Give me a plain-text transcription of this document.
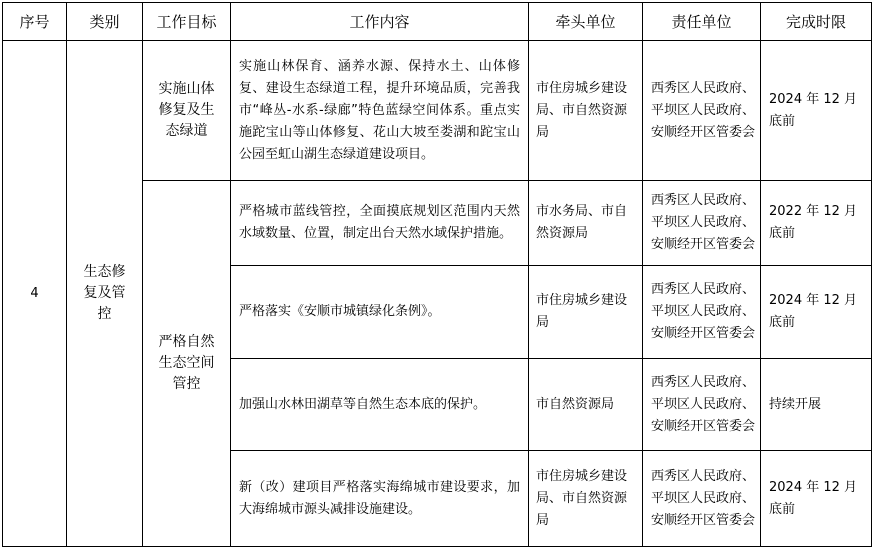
序号	类别	工作目标	工作内容	牵头单位	责任单位	完成时限
4	生态修复及管控	实施山体修复及生态绿道	实施山林保育、涵养水源、保持水土、山体修复、建设生态绿道工程，提升环境品质，完善我市“峰丛-水系-绿廊”特色蓝绿空间体系。重点实施跎宝山等山体修复、花山大坡至娄湖和跎宝山公园至虹山湖生态绿道建设项目。	市住房城乡建设局、市自然资源局	西秀区人民政府、平坝区人民政府、安顺经开区管委会	2024 年 12 月底前
		严格自然生态空间管控	严格城市蓝线管控，全面摸底规划区范围内天然水域数量、位置，制定出台天然水域保护措施。	市水务局、市自然资源局	西秀区人民政府、平坝区人民政府、安顺经开区管委会	2022 年 12 月底前
			严格落实《安顺市城镇绿化条例》。	市住房城乡建设局	西秀区人民政府、平坝区人民政府、安顺经开区管委会	2024 年 12 月底前
			加强山水林田湖草等自然生态本底的保护。	市自然资源局	西秀区人民政府、平坝区人民政府、安顺经开区管委会	持续开展
			新（改）建项目严格落实海绵城市建设要求，加大海绵城市源头减排设施建设。	市住房城乡建设局、市自然资源局	西秀区人民政府、平坝区人民政府、安顺经开区管委会	2024 年 12 月底前
